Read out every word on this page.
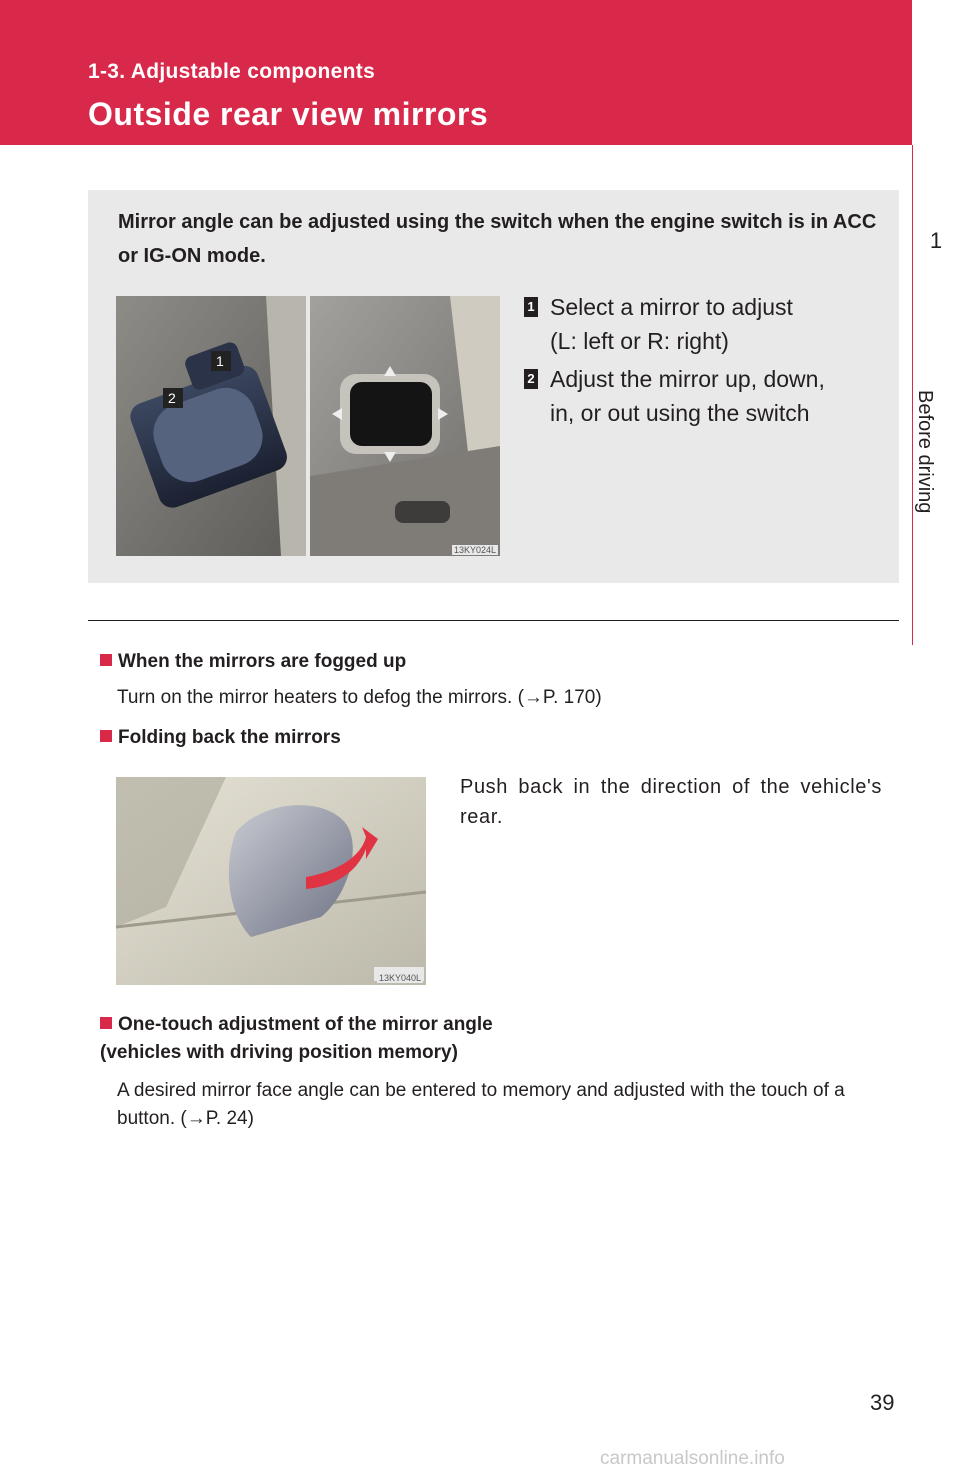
1-3. Adjustable components
Outside rear view mirrors
1
Before driving
Mirror angle can be adjusted using the switch when the engine switch is in ACC or IG-ON mode.
1
2
13KY024L
1 Select a mirror to adjust
(L: left or R: right)
2 Adjust the mirror up, down,
in, or out using the switch
When the mirrors are fogged up
Turn on the mirror heaters to defog the mirrors. (→P. 170)
Folding back the mirrors
13KY040L
Push back in the direction of the vehicle's rear.
One-touch adjustment of the mirror angle
(vehicles with driving position memory)
A desired mirror face angle can be entered to memory and adjusted with the touch of a button. (→P. 24)
39
carmanualsonline.info
